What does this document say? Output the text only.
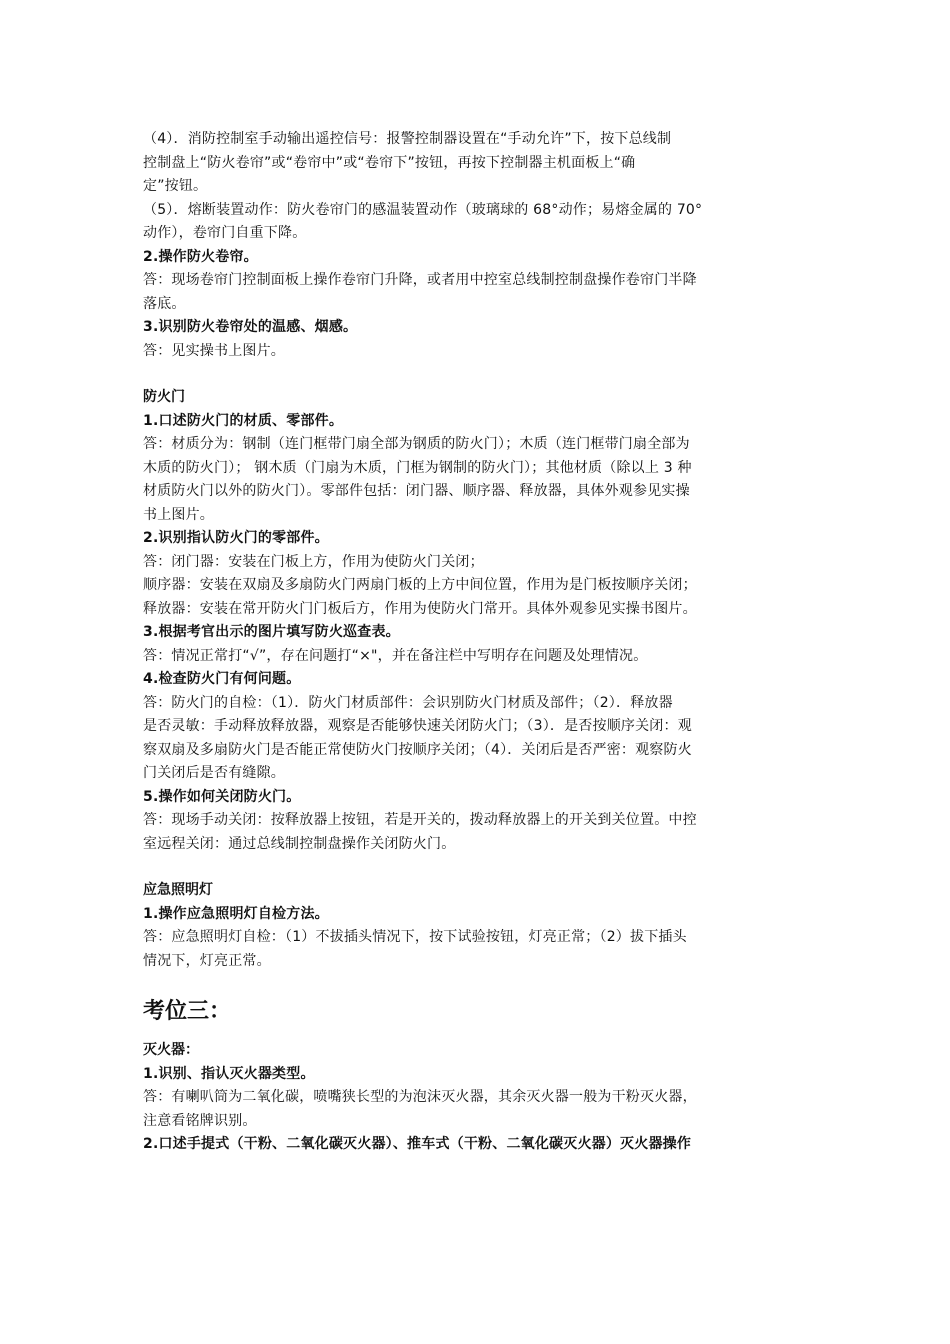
（4）．消防控制室手动输出遥控信号：报警控制器设置在“手动允许”下，按下总线制
控制盘上“防火卷帘”或“卷帘中”或“卷帘下”按钮，再按下控制器主机面板上“确
定”按钮。
（5）．熔断装置动作：防火卷帘门的感温装置动作（玻璃球的 68°动作；易熔金属的 70°
动作），卷帘门自重下降。
2.操作防火卷帘。
答：现场卷帘门控制面板上操作卷帘门升降，或者用中控室总线制控制盘操作卷帘门半降
落底。
3.识别防火卷帘处的温感、烟感。
答：见实操书上图片。
防火门
1.口述防火门的材质、零部件。
答：材质分为：钢制（连门框带门扇全部为钢质的防火门）；木质（连门框带门扇全部为
木质的防火门）； 钢木质（门扇为木质，门框为钢制的防火门）；其他材质（除以上 3 种
材质防火门以外的防火门）。零部件包括：闭门器、顺序器、释放器，具体外观参见实操
书上图片。
2.识别指认防火门的零部件。
答：闭门器：安装在门板上方，作用为使防火门关闭；
顺序器：安装在双扇及多扇防火门两扇门板的上方中间位置，作用为是门板按顺序关闭；
释放器：安装在常开防火门门板后方，作用为使防火门常开。具体外观参见实操书图片。
3.根据考官出示的图片填写防火巡查表。
答：情况正常打“√”，存在问题打“×"，并在备注栏中写明存在问题及处理情况。
4.检查防火门有何问题。
答：防火门的自检：（1）．防火门材质部件：会识别防火门材质及部件；（2）．释放器
是否灵敏：手动释放释放器，观察是否能够快速关闭防火门；（3）．是否按顺序关闭：观
察双扇及多扇防火门是否能正常使防火门按顺序关闭；（4）．关闭后是否严密：观察防火
门关闭后是否有缝隙。
5.操作如何关闭防火门。
答：现场手动关闭：按释放器上按钮，若是开关的，拨动释放器上的开关到关位置。中控
室远程关闭：通过总线制控制盘操作关闭防火门。
应急照明灯
1.操作应急照明灯自检方法。
答：应急照明灯自检：（1）不拔插头情况下，按下试验按钮，灯亮正常；（2）拔下插头
情况下，灯亮正常。
考位三：
灭火器：
1.识别、指认灭火器类型。
答：有喇叭筒为二氧化碳，喷嘴狭长型的为泡沫灭火器，其余灭火器一般为干粉灭火器，
注意看铭牌识别。
2.口述手提式（干粉、二氧化碳灭火器）、推车式（干粉、二氧化碳灭火器）灭火器操作
